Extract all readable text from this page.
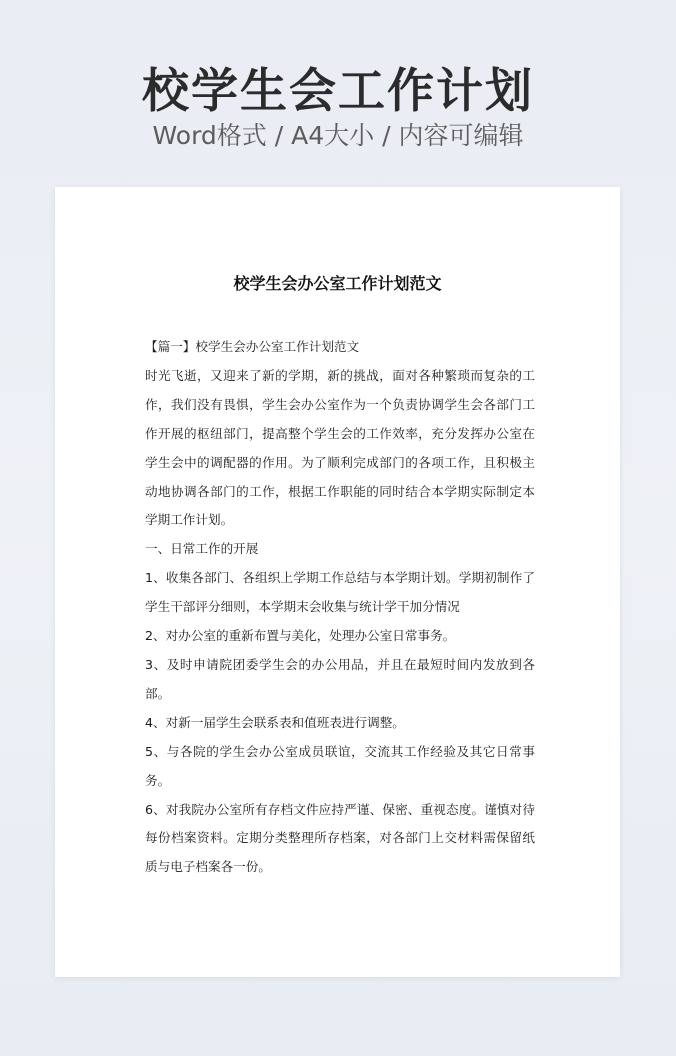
校学生会工作计划
Word格式 / A4大小 / 内容可编辑
校学生会办公室工作计划范文

【篇一】校学生会办公室工作计划范文

时光飞逝，又迎来了新的学期，新的挑战，面对各种繁琐而复杂的工作，我们没有畏惧，学生会办公室作为一个负责协调学生会各部门工作开展的枢纽部门，提高整个学生会的工作效率，充分发挥办公室在学生会中的调配器的作用。为了顺利完成部门的各项工作，且积极主动地协调各部门的工作，根据工作职能的同时结合本学期实际制定本学期工作计划。

一、日常工作的开展

1、收集各部门、各组织上学期工作总结与本学期计划。学期初制作了学生干部评分细则，本学期末会收集与统计学干加分情况

2、对办公室的重新布置与美化，处理办公室日常事务。

3、及时申请院团委学生会的办公用品，并且在最短时间内发放到各部。

4、对新一届学生会联系表和值班表进行调整。

5、与各院的学生会办公室成员联谊，交流其工作经验及其它日常事务。

6、对我院办公室所有存档文件应持严谨、保密、重视态度。谨慎对待每份档案资料。定期分类整理所存档案，对各部门上交材料需保留纸质与电子档案各一份。
